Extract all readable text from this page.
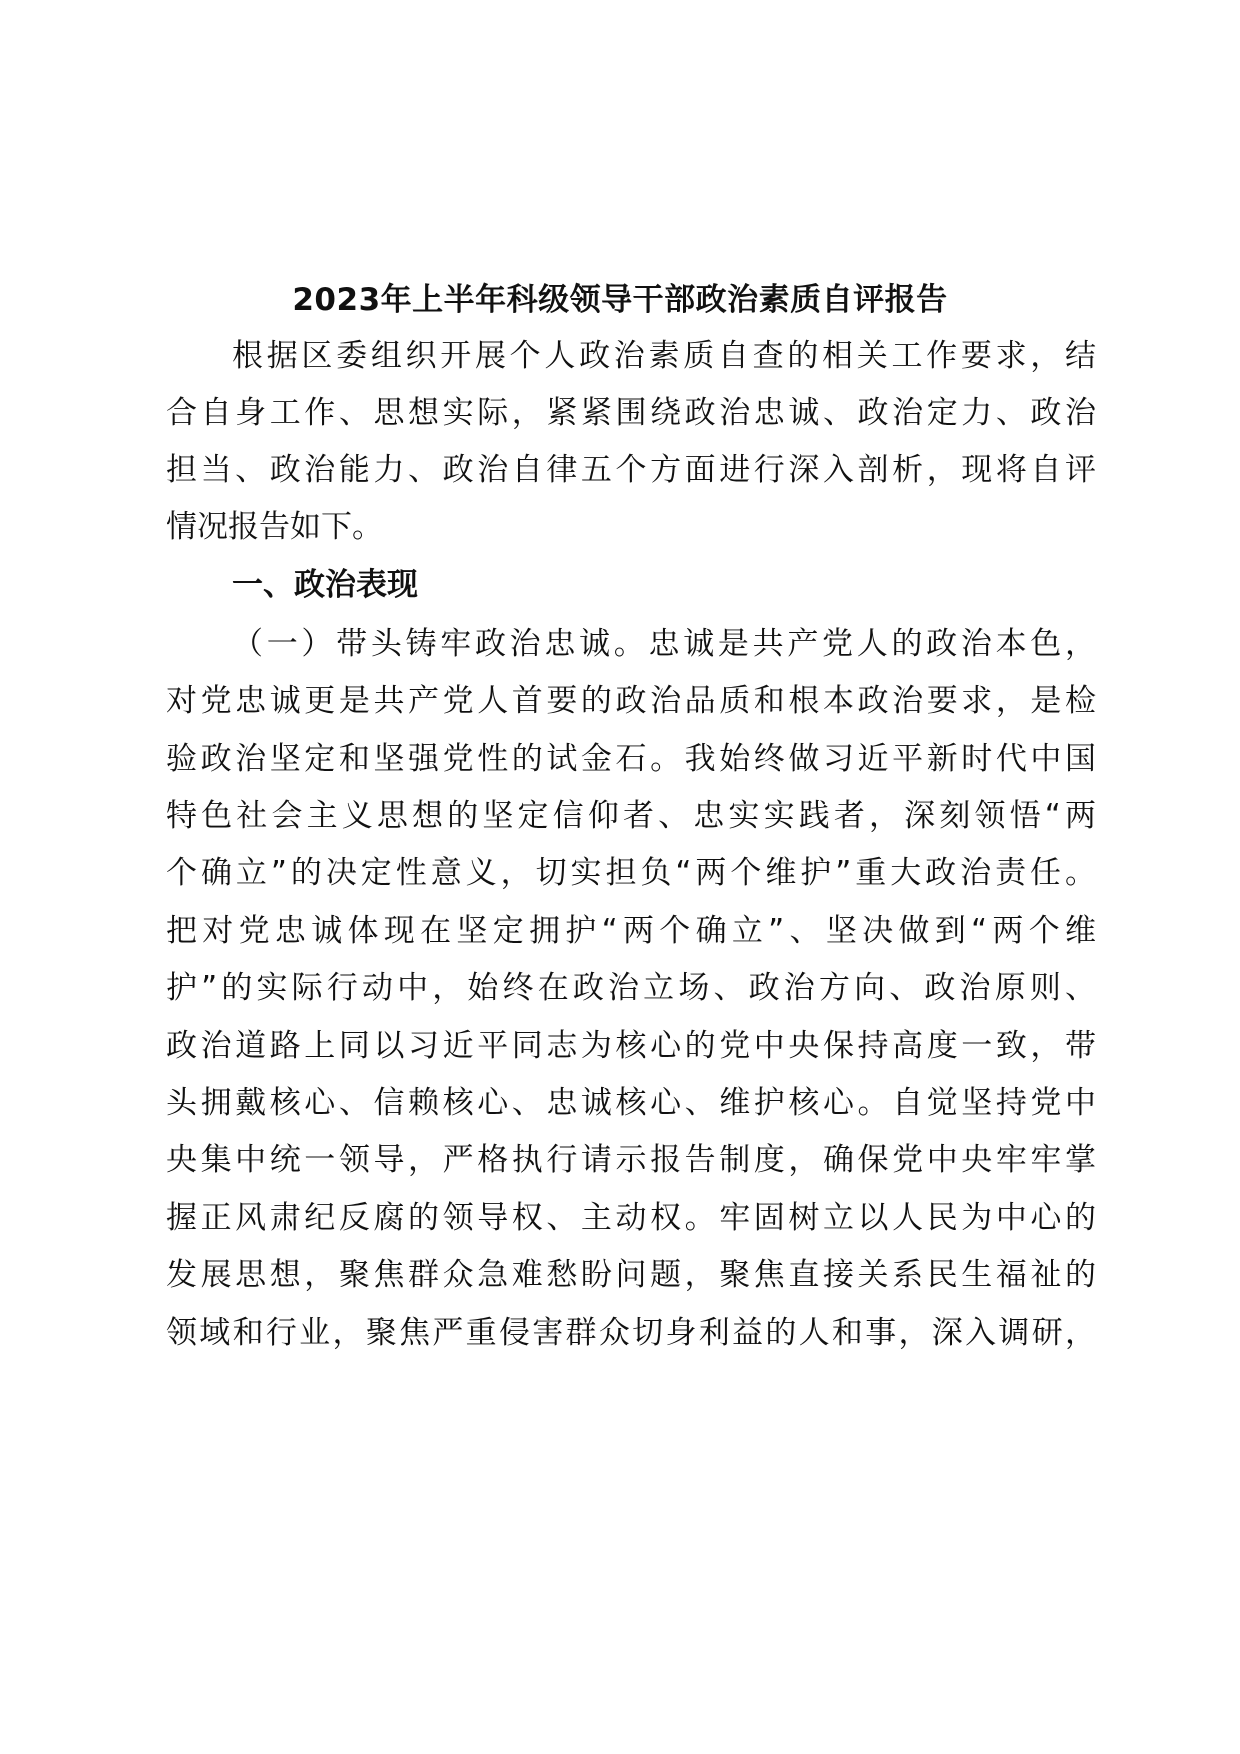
2023年上半年科级领导干部政治素质自评报告

根据区委组织开展个人政治素质自查的相关工作要求，结

合自身工作、思想实际，紧紧围绕政治忠诚、政治定力、政治

担当、政治能力、政治自律五个方面进行深入剖析，现将自评

情况报告如下。

一、政治表现

（一）带头铸牢政治忠诚。忠诚是共产党人的政治本色，

对党忠诚更是共产党人首要的政治品质和根本政治要求，是检

验政治坚定和坚强党性的试金石。我始终做习近平新时代中国

特色社会主义思想的坚定信仰者、忠实实践者，深刻领悟“两

个确立”的决定性意义，切实担负“两个维护”重大政治责任。

把对党忠诚体现在坚定拥护“两个确立”、坚决做到“两个维

护”的实际行动中，始终在政治立场、政治方向、政治原则、

政治道路上同以习近平同志为核心的党中央保持高度一致，带

头拥戴核心、信赖核心、忠诚核心、维护核心。自觉坚持党中

央集中统一领导，严格执行请示报告制度，确保党中央牢牢掌

握正风肃纪反腐的领导权、主动权。牢固树立以人民为中心的

发展思想，聚焦群众急难愁盼问题，聚焦直接关系民生福祉的

领域和行业，聚焦严重侵害群众切身利益的人和事，深入调研，
